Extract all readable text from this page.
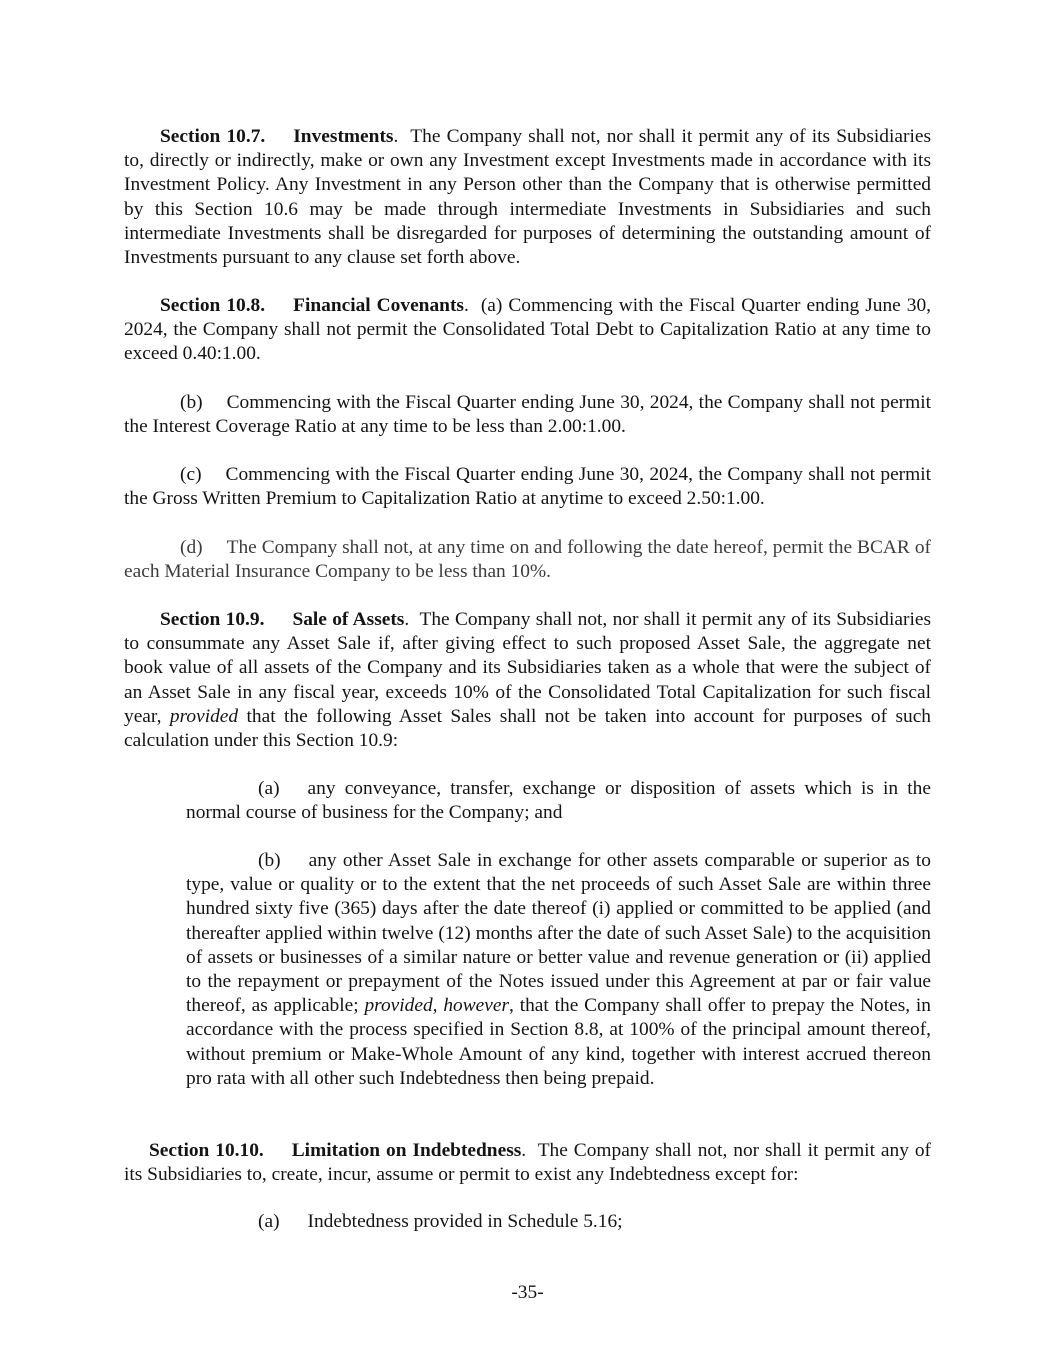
Section 10.7. Investments. The Company shall not, nor shall it permit any of its Subsidiaries to, directly or indirectly, make or own any Investment except Investments made in accordance with its Investment Policy. Any Investment in any Person other than the Company that is otherwise permitted by this Section 10.6 may be made through intermediate Investments in Subsidiaries and such intermediate Investments shall be disregarded for purposes of determining the outstanding amount of Investments pursuant to any clause set forth above.

Section 10.8. Financial Covenants. (a) Commencing with the Fiscal Quarter ending June 30, 2024, the Company shall not permit the Consolidated Total Debt to Capitalization Ratio at any time to exceed 0.40:1.00.

(b) Commencing with the Fiscal Quarter ending June 30, 2024, the Company shall not permit the Interest Coverage Ratio at any time to be less than 2.00:1.00.

(c) Commencing with the Fiscal Quarter ending June 30, 2024, the Company shall not permit the Gross Written Premium to Capitalization Ratio at anytime to exceed 2.50:1.00.

(d) The Company shall not, at any time on and following the date hereof, permit the BCAR of each Material Insurance Company to be less than 10%.

Section 10.9. Sale of Assets. The Company shall not, nor shall it permit any of its Subsidiaries to consummate any Asset Sale if, after giving effect to such proposed Asset Sale, the aggregate net book value of all assets of the Company and its Subsidiaries taken as a whole that were the subject of an Asset Sale in any fiscal year, exceeds 10% of the Consolidated Total Capitalization for such fiscal year, provided that the following Asset Sales shall not be taken into account for purposes of such calculation under this Section 10.9:

(a) any conveyance, transfer, exchange or disposition of assets which is in the normal course of business for the Company; and

(b) any other Asset Sale in exchange for other assets comparable or superior as to type, value or quality or to the extent that the net proceeds of such Asset Sale are within three hundred sixty five (365) days after the date thereof (i) applied or committed to be applied (and thereafter applied within twelve (12) months after the date of such Asset Sale) to the acquisition of assets or businesses of a similar nature or better value and revenue generation or (ii) applied to the repayment or prepayment of the Notes issued under this Agreement at par or fair value thereof, as applicable; provided, however, that the Company shall offer to prepay the Notes, in accordance with the process specified in Section 8.8, at 100% of the principal amount thereof, without premium or Make-Whole Amount of any kind, together with interest accrued thereon pro rata with all other such Indebtedness then being prepaid.

Section 10.10. Limitation on Indebtedness. The Company shall not, nor shall it permit any of its Subsidiaries to, create, incur, assume or permit to exist any Indebtedness except for:

(a) Indebtedness provided in Schedule 5.16;

-35-
